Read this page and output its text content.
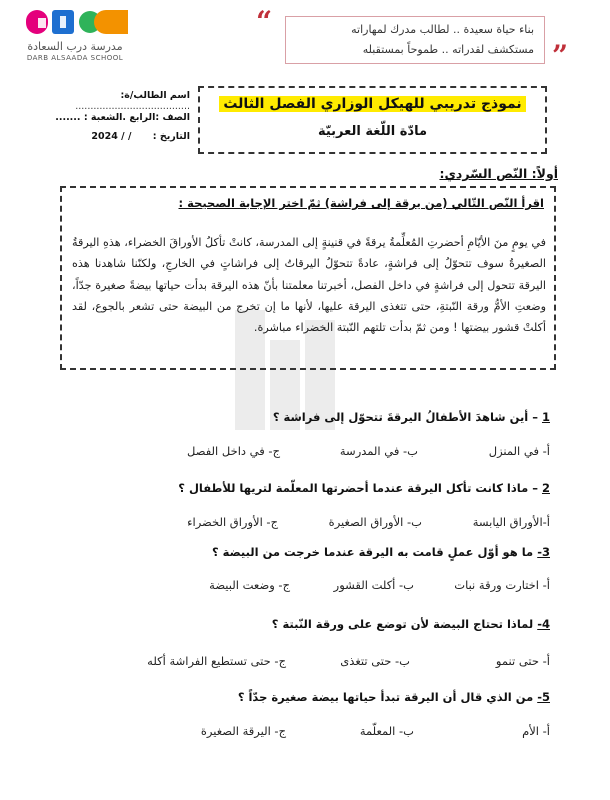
مدرسة درب السعادة
DARB ALSAADA SCHOOL
“	بناء حياة سعيدة .. لطالب مدرك لمهاراته
مستكشف لقدراته .. طموحاً بمستقبله ”
اسم الطالب/ة: ......................................
الصف :الرابع .الشعبة : .......
التاريخ : / / 2024
نموذج تدريبي للهيكل الوزاري الفصل الثالث
مادّة اللّغة العربيّة
أولاً: النّص السّردي:
اقرأ النّص التّالي (من يرقة إلى فراشة) ثمّ اختر الإجابة الصحيحة :
في يومٍ منَ الأيّامِ أحضرتِ المُعلِّمةُ يرقةً في قنينةٍ إلى المدرسة، كانتْ تأكلُ الأوراقَ الخضراء، هذهِ اليرقةُ الصغيرةُ سوف تتحوّلُ إلى فراشةٍ، عادةً تتحوّلُ اليرقاتُ إلى فراشاتٍ في الخارجِ، ولكنّنا شاهدنا هذه اليرقة تتحول إلى فراشةٍ في داخل الفصل، أخبرتنا معلمتنا بأنّ هذه اليرقة بدأت حياتها بيضةً صغيرة جدّاً، وضعتِ الأمُّ ورقة النّبتةِ، حتى تتغذى اليرقة عليها، لأنها ما إن تخرج من البيضة حتى تشعر بالجوع، لقد أكلتْ قشور بيضتها ! ومن ثمّ بدأت تلتهم النّبتة الخضراء مباشرة.
1 – أين شاهدَ الأطفالُ اليرقةَ تتحوّل إلى فراشة ؟
أ- في المنزل
ب- في المدرسة
ج- في داخل الفصل
2 – ماذا كانت تأكل اليرقة عندما أحضرتها المعلّمة لتريها للأطفال ؟
أ-الأوراق اليابسة
ب- الأوراق الصغيرة
ج- الأوراق الخضراء
3- ما هو أوّل عملٍ قامت به اليرقة عندما خرجت من البيضة ؟
أ- اختارت ورقة نبات
ب- أكلت القشور
ج- وضعت البيضة
4- لماذا تحتاج البيضة لأن توضع على ورقة النّبتة ؟
أ- حتى تنمو
ب- حتى تتغذى
ج- حتى تستطيع الفراشة أكله
5- من الذي قال أن اليرقة تبدأ حياتها بيضة صغيرة جدّاً ؟
أ- الأم
ب- المعلّمة
ج- اليرقة الصغيرة
